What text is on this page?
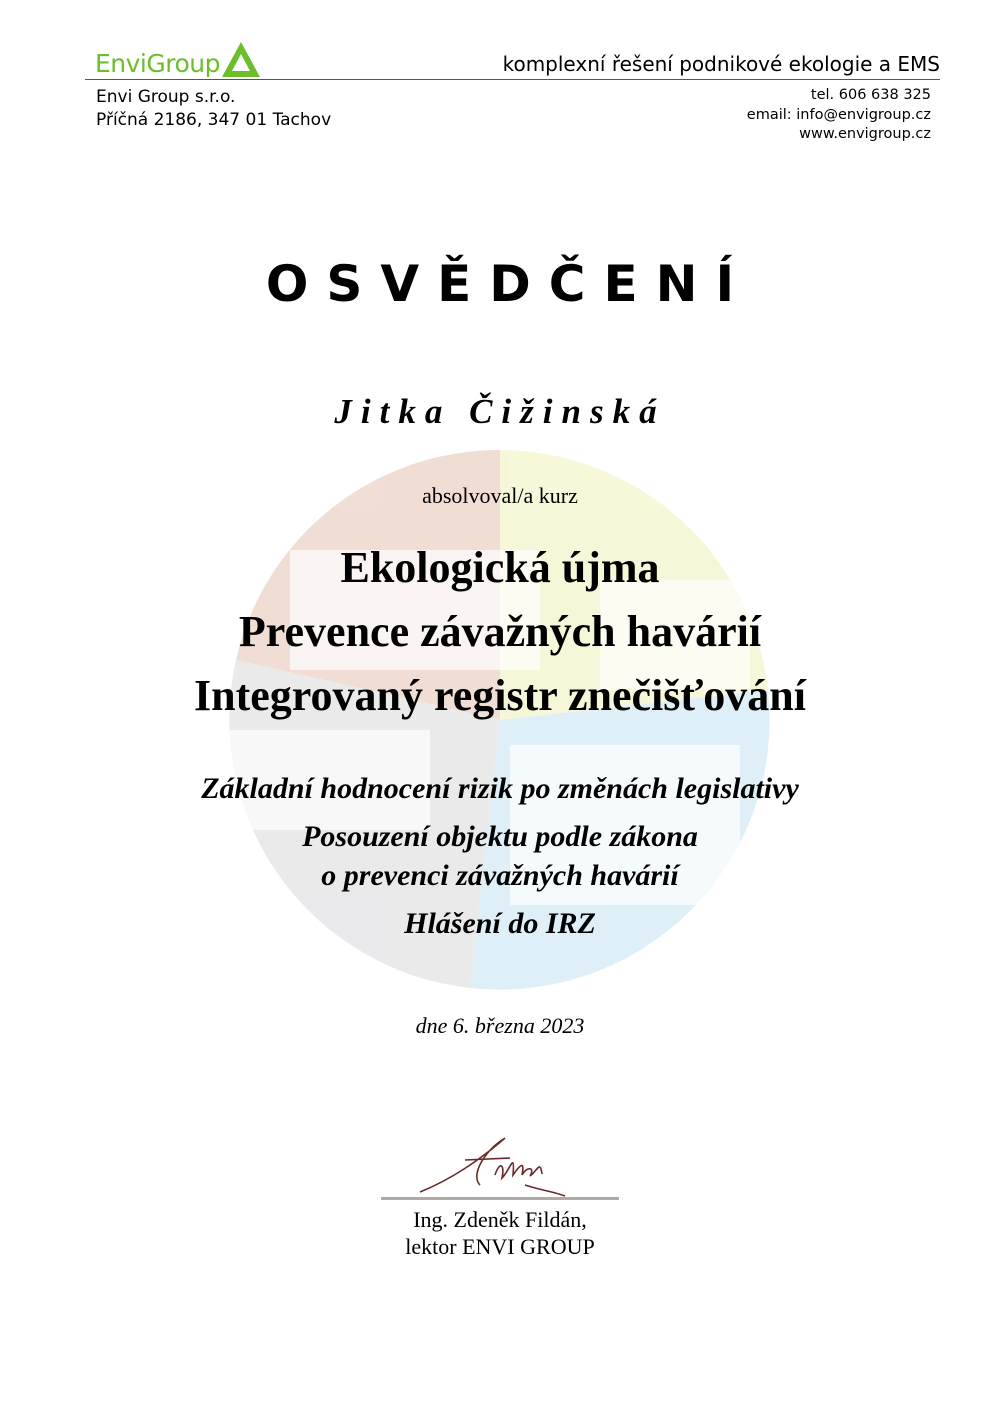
EnviGroup	komplexní řešení podnikové ekologie a EMS
Envi Group s.r.o.
Příčná 2186, 347 01 Tachov
tel. 606 638 325
email: info@envigroup.cz
www.envigroup.cz
OSVĚDČENÍ
Jitka Čižinská
absolvoval/a kurz
Ekologická újma
Prevence závažných havárií
Integrovaný registr znečišťování
Základní hodnocení rizik po změnách legislativy
Posouzení objektu podle zákona
o prevenci závažných havárií
Hlášení do IRZ
dne 6. března 2023
Ing. Zdeněk Fildán,
lektor ENVI GROUP
